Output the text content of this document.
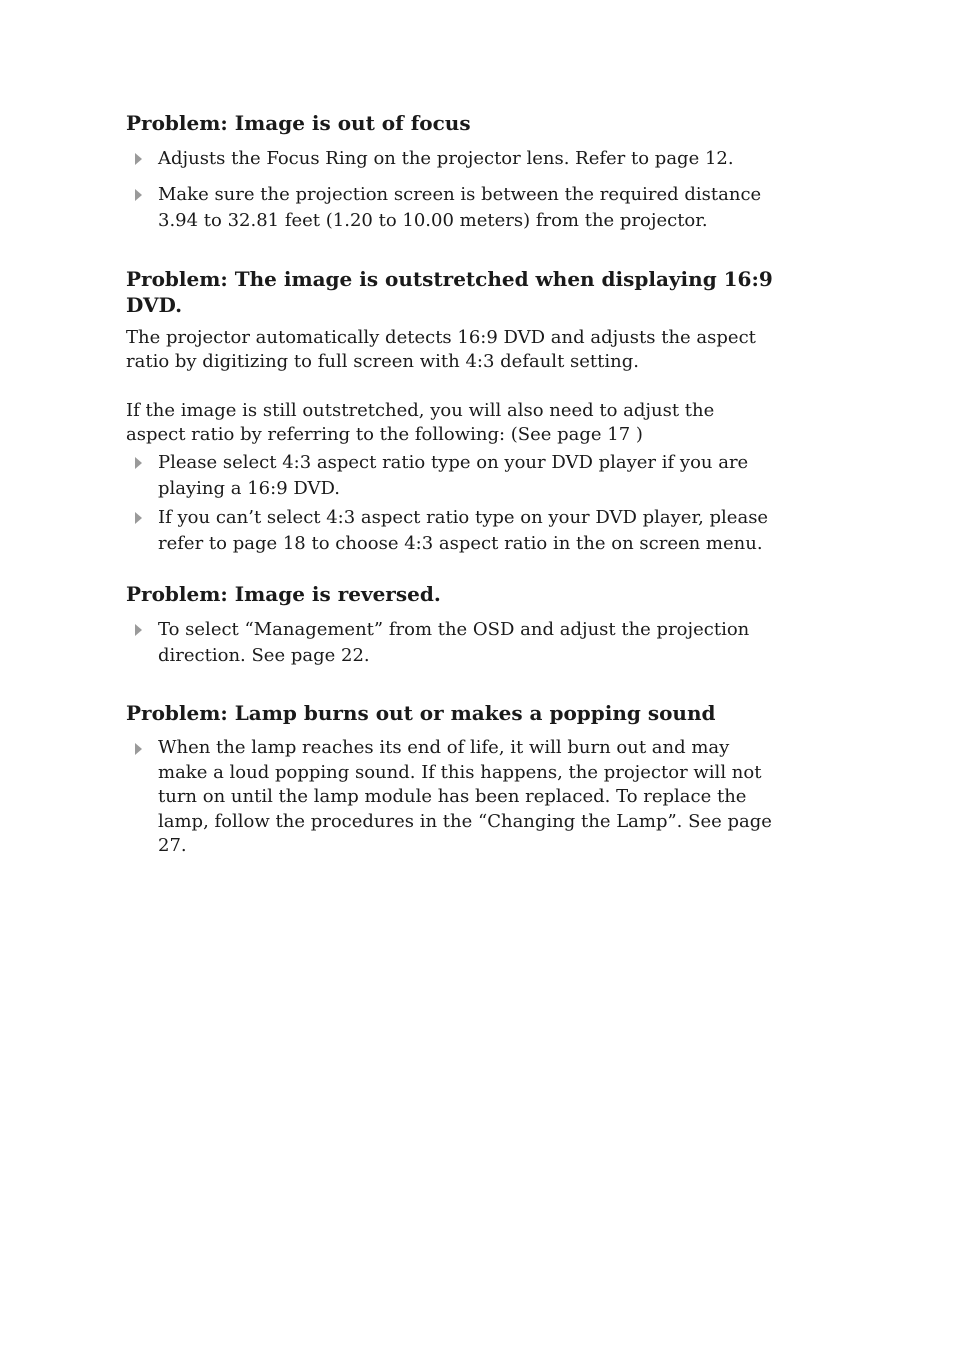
Problem: Image is out of focus
Adjusts the Focus Ring on the projector lens. Refer to page 12.
Make sure the projection screen is between the required distance 3.94 to 32.81 feet (1.20 to 10.00 meters) from the projector.
Problem: The image is outstretched when displaying 16:9 DVD.

The projector automatically detects 16:9 DVD and adjusts the aspect ratio by digitizing to full screen with 4:3 default setting.

If the image is still outstretched, you will also need to adjust the aspect ratio by referring to the following: (See page 17 )

Please select 4:3 aspect ratio type on your DVD player if you are playing a 16:9 DVD.
If you can’t select 4:3 aspect ratio type on your DVD player, please refer to page 18 to choose 4:3 aspect ratio in the on screen menu.
Problem: Image is reversed.
To select “Management” from the OSD and adjust the projection direction. See page 22.
Problem: Lamp burns out or makes a popping sound
When the lamp reaches its end of life, it will burn out and may make a loud popping sound. If this happens, the projector will not turn on until the lamp module has been replaced. To replace the lamp, follow the procedures in the “Changing the Lamp”. See page 27.
